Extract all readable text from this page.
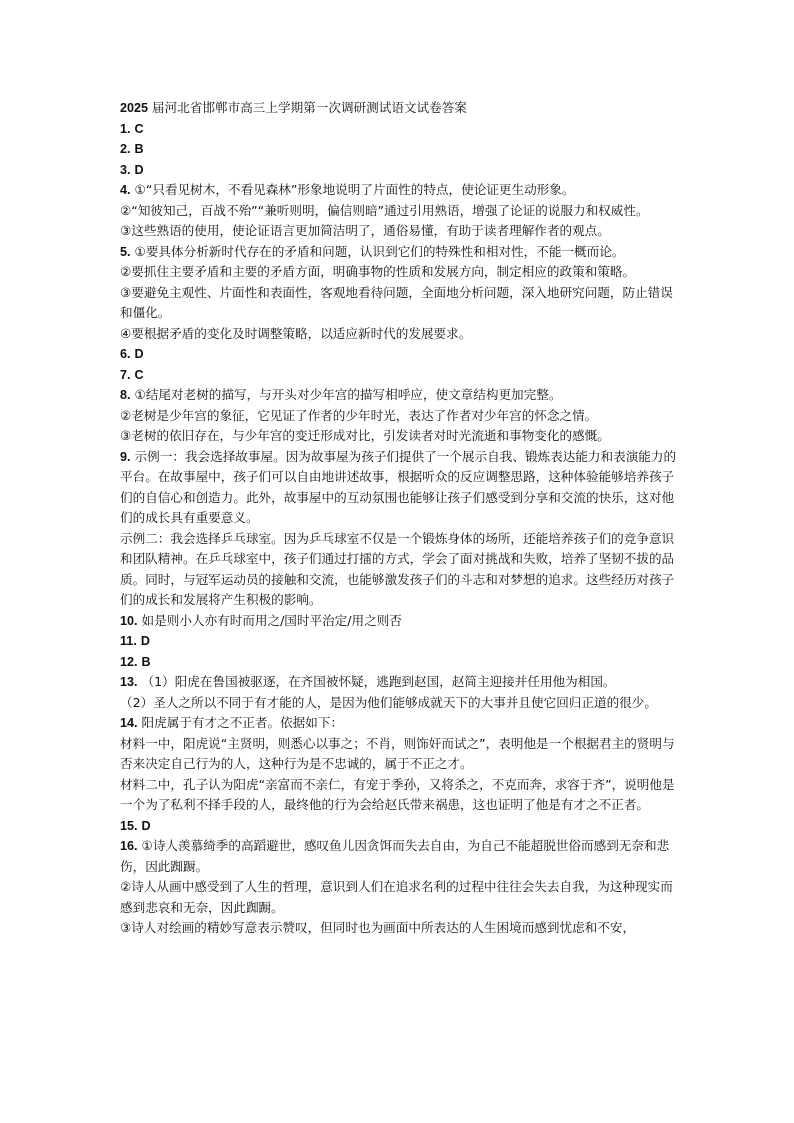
2025 届河北省邯郸市高三上学期第一次调研测试语文试卷答案
1. C
2. B
3. D
4. ①“只看见树木，不看见森林”形象地说明了片面性的特点，使论证更生动形象。
②“知彼知己，百战不殆”“兼听则明，偏信则暗”通过引用熟语，增强了论证的说服力和权威性。
③这些熟语的使用，使论证语言更加简洁明了，通俗易懂，有助于读者理解作者的观点。
5. ①要具体分析新时代存在的矛盾和问题，认识到它们的特殊性和相对性，不能一概而论。
②要抓住主要矛盾和主要的矛盾方面，明确事物的性质和发展方向，制定相应的政策和策略。
③要避免主观性、片面性和表面性，客观地看待问题，全面地分析问题，深入地研究问题，防止错误和僵化。
④要根据矛盾的变化及时调整策略，以适应新时代的发展要求。
6. D
7. C
8. ①结尾对老树的描写，与开头对少年宫的描写相呼应，使文章结构更加完整。
②老树是少年宫的象征，它见证了作者的少年时光，表达了作者对少年宫的怀念之情。
③老树的依旧存在，与少年宫的变迁形成对比，引发读者对时光流逝和事物变化的感慨。
9. 示例一：我会选择故事屋。因为故事屋为孩子们提供了一个展示自我、锻炼表达能力和表演能力的平台。在故事屋中，孩子们可以自由地讲述故事，根据听众的反应调整思路，这种体验能够培养孩子们的自信心和创造力。此外，故事屋中的互动氛围也能够让孩子们感受到分享和交流的快乐，这对他们的成长具有重要意义。
示例二：我会选择乒乓球室。因为乒乓球室不仅是一个锻炼身体的场所，还能培养孩子们的竞争意识和团队精神。在乒乓球室中，孩子们通过打擂的方式，学会了面对挑战和失败，培养了坚韧不拔的品质。同时，与冠军运动员的接触和交流，也能够激发孩子们的斗志和对梦想的追求。这些经历对孩子们的成长和发展将产生积极的影响。
10. 如是则小人亦有时而用之/国时平治定/用之则否
11. D
12. B
13. （1）阳虎在鲁国被驱逐，在齐国被怀疑，逃跑到赵国，赵简主迎接并任用他为相国。
（2）圣人之所以不同于有才能的人，是因为他们能够成就天下的大事并且使它回归正道的很少。
14. 阳虎属于有才之不正者。依据如下：
材料一中，阳虎说“主贤明，则悉心以事之；不肖，则饰奸而试之”，表明他是一个根据君主的贤明与否来决定自己行为的人，这种行为是不忠诚的，属于不正之才。
材料二中，孔子认为阳虎“亲富而不亲仁，有宠于季孙，又将杀之，不克而奔，求容于齐”，说明他是一个为了私利不择手段的人，最终他的行为会给赵氏带来祸患，这也证明了他是有才之不正者。
15. D
16. ①诗人羡慕绮季的高蹈避世，感叹鱼儿因贪饵而失去自由，为自己不能超脱世俗而感到无奈和悲伤，因此踟蹰。
②诗人从画中感受到了人生的哲理，意识到人们在追求名利的过程中往往会失去自我，为这种现实而感到悲哀和无奈，因此踟蹰。
③诗人对绘画的精妙写意表示赞叹，但同时也为画面中所表达的人生困境而感到忧虑和不安，
